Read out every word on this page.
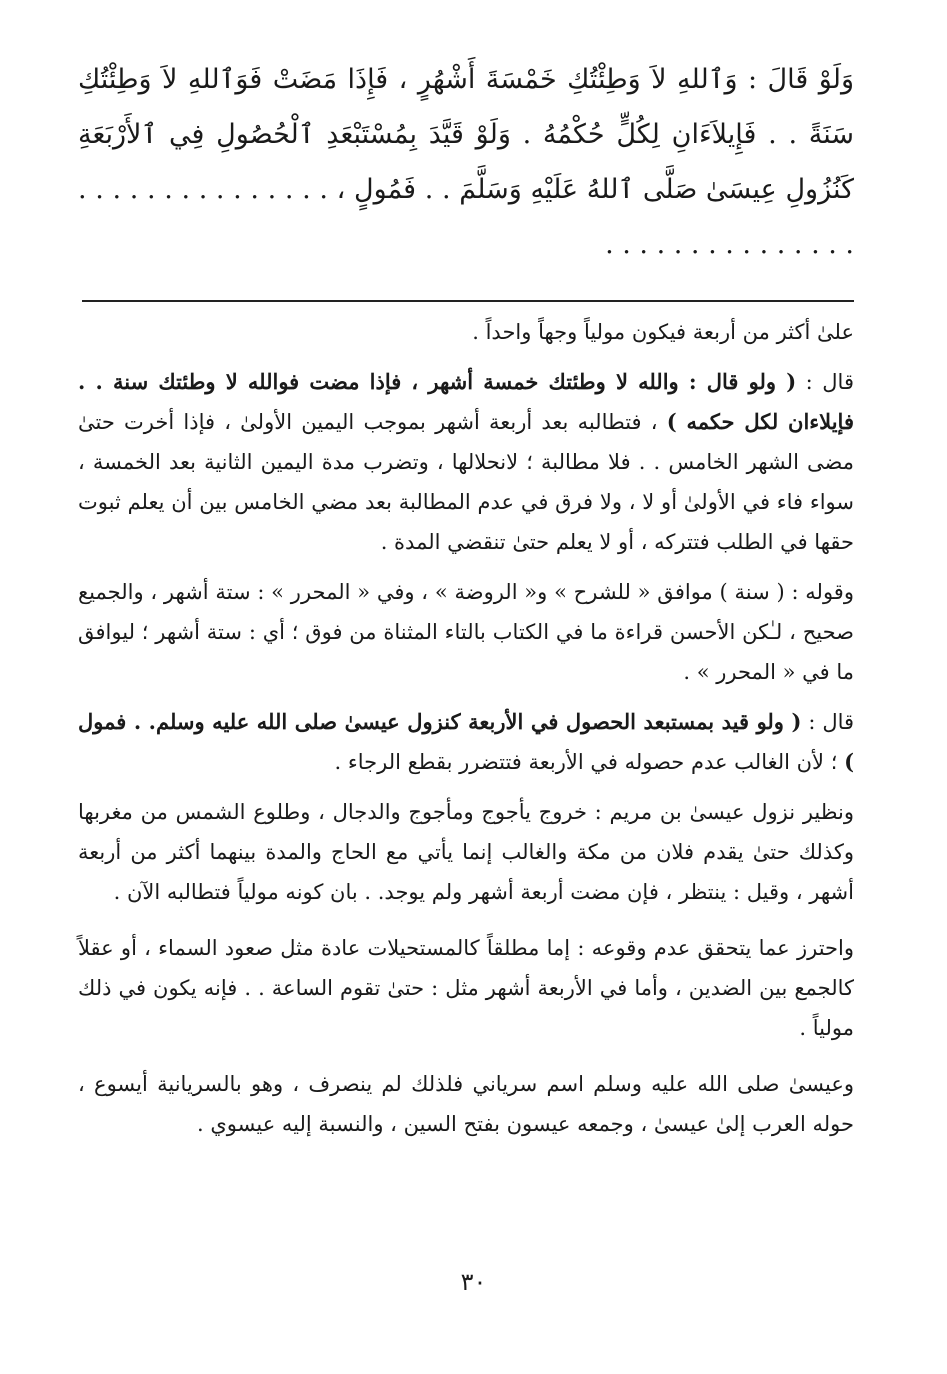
وَلَوْ قَالَ : وَٱللهِ لاَ وَطِئْتُكِ خَمْسَةَ أَشْهُرٍ ، فَإِذَا مَضَتْ فَوَٱللهِ لاَ وَطِئْتُكِ سَنَةً . . فَإِيلاَءَانِ لِكُلٍّ حُكْمُهُ . وَلَوْ قَيَّدَ بِمُسْتَبْعَدِ ٱلْحُصُولِ فِي ٱلأَرْبَعَةِ كَنُزُولِ عِيسَىٰ صَلَّى ٱللهُ عَلَيْهِ وَسَلَّمَ . . فَمُولٍ ، . . . . . . . . . . . . . . . . . . . . . . . . . . . . . .

علىٰ أكثر من أربعة فيكون مولياً وجهاً واحداً .

قال : ( ولو قال : والله لا وطئتك خمسة أشهر ، فإذا مضت فوالله لا وطئتك سنة . . فإيلاءان لكل حكمه ) ، فتطالبه بعد أربعة أشهر بموجب اليمين الأولىٰ ، فإذا أخرت حتىٰ مضى الشهر الخامس . . فلا مطالبة ؛ لانحلالها ، وتضرب مدة اليمين الثانية بعد الخمسة ، سواء فاء في الأولىٰ أو لا ، ولا فرق في عدم المطالبة بعد مضي الخامس بين أن يعلم ثبوت حقها في الطلب فتتركه ، أو لا يعلم حتىٰ تنقضي المدة .

وقوله : ( سنة ) موافق « للشرح » و« الروضة » ، وفي « المحرر » : ستة أشهر ، والجميع صحيح ، لـٰكن الأحسن قراءة ما في الكتاب بالتاء المثناة من فوق ؛ أي : ستة أشهر ؛ ليوافق ما في « المحرر » .

قال : ( ولو قيد بمستبعد الحصول في الأربعة كنزول عيسىٰ صلى الله عليه وسلم. . فمول ) ؛ لأن الغالب عدم حصوله في الأربعة فتتضرر بقطع الرجاء .

ونظير نزول عيسىٰ بن مريم : خروج يأجوج ومأجوج والدجال ، وطلوع الشمس من مغربها وكذلك حتىٰ يقدم فلان من مكة والغالب إنما يأتي مع الحاج والمدة بينهما أكثر من أربعة أشهر ، وقيل : ينتظر ، فإن مضت أربعة أشهر ولم يوجد. . بان كونه مولياً فتطالبه الآن .

واحترز عما يتحقق عدم وقوعه : إما مطلقاً كالمستحيلات عادة مثل صعود السماء ، أو عقلاً كالجمع بين الضدين ، وأما في الأربعة أشهر مثل : حتىٰ تقوم الساعة . . فإنه يكون في ذلك مولياً .

وعيسىٰ صلى الله عليه وسلم اسم سرياني فلذلك لم ينصرف ، وهو بالسريانية أيسوع ، حوله العرب إلىٰ عيسىٰ ، وجمعه عيسون بفتح السين ، والنسبة إليه عيسوي .

٣٠
